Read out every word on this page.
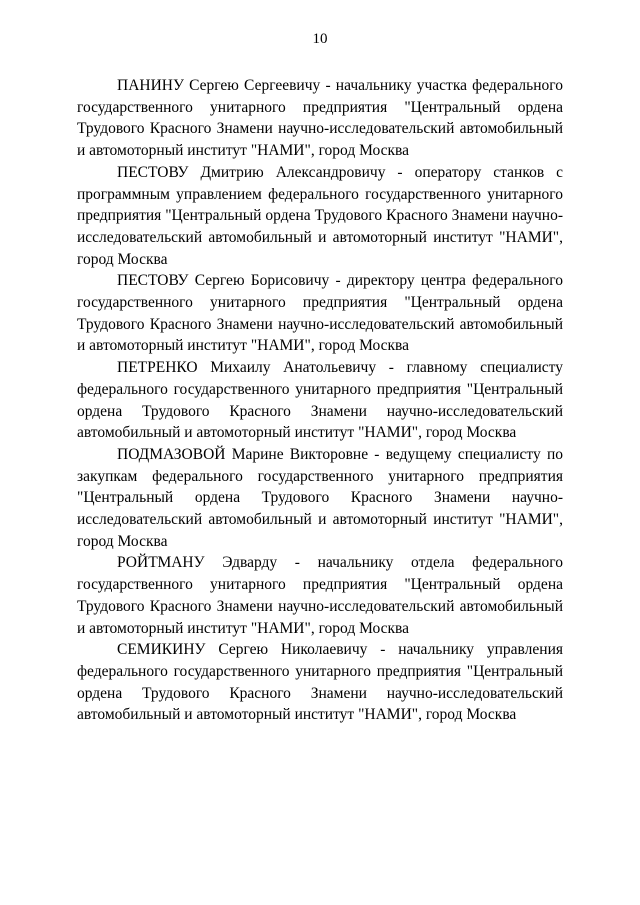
10

ПАНИНУ Сергею Сергеевичу - начальнику участка федерального государственного унитарного предприятия "Центральный ордена Трудового Красного Знамени научно-исследовательский автомобильный и автомоторный институт "НАМИ", город Москва

ПЕСТОВУ Дмитрию Александровичу - оператору станков с программным управлением федерального государственного унитарного предприятия "Центральный ордена Трудового Красного Знамени научно-исследовательский автомобильный и автомоторный институт "НАМИ", город Москва

ПЕСТОВУ Сергею Борисовичу - директору центра федерального государственного унитарного предприятия "Центральный ордена Трудового Красного Знамени научно-исследовательский автомобильный и автомоторный институт "НАМИ", город Москва

ПЕТРЕНКО Михаилу Анатольевичу - главному специалисту федерального государственного унитарного предприятия "Центральный ордена Трудового Красного Знамени научно-исследовательский автомобильный и автомоторный институт "НАМИ", город Москва

ПОДМАЗОВОЙ Марине Викторовне - ведущему специалисту по закупкам федерального государственного унитарного предприятия "Центральный ордена Трудового Красного Знамени научно-исследовательский автомобильный и автомоторный институт "НАМИ", город Москва

РОЙТМАНУ Эдварду - начальнику отдела федерального государственного унитарного предприятия "Центральный ордена Трудового Красного Знамени научно-исследовательский автомобильный и автомоторный институт "НАМИ", город Москва

СЕМИКИНУ Сергею Николаевичу - начальнику управления федерального государственного унитарного предприятия "Центральный ордена Трудового Красного Знамени научно-исследовательский автомобильный и автомоторный институт "НАМИ", город Москва
